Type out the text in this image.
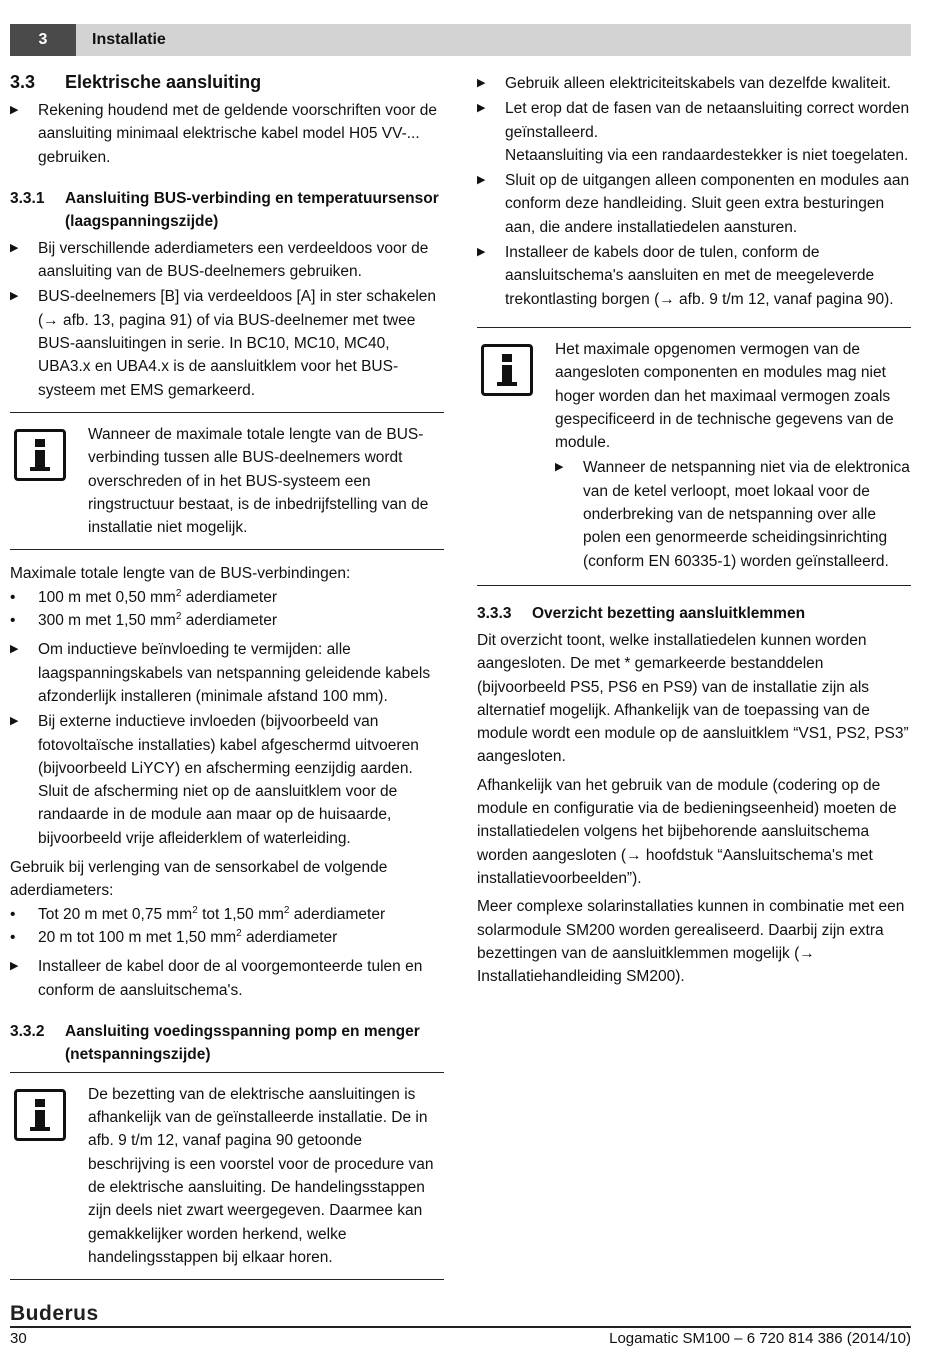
3	Installatie
3.3	Elektrische aansluiting
▶	Rekening houdend met de geldende voorschriften voor de aansluiting minimaal elektrische kabel model H05 VV-... gebruiken.
3.3.1	Aansluiting BUS-verbinding en temperatuursensor (laagspanningszijde)
▶	Bij verschillende aderdiameters een verdeeldoos voor de aansluiting van de BUS-deelnemers gebruiken.
▶	BUS-deelnemers [B] via verdeeldoos [A] in ster schakelen (→ afb. 13, pagina 91) of via BUS-deelnemer met twee BUS-aansluitingen in serie. In BC10, MC10, MC40, UBA3.x en UBA4.x is de aansluitklem voor het BUS-systeem met EMS gemarkeerd.
Wanneer de maximale totale lengte van de BUS-verbinding tussen alle BUS-deelnemers wordt overschreden of in het BUS-systeem een ringstructuur bestaat, is de inbedrijfstelling van de installatie niet mogelijk.
Maximale totale lengte van de BUS-verbindingen:
•	100 m met 0,50 $mm^2$ aderdiameter
•	300 m met 1,50 $mm^2$ aderdiameter
▶	Om inductieve beïnvloeding te vermijden: alle laagspanningskabels van netspanning geleidende kabels afzonderlijk installeren (minimale afstand 100 mm).
▶	Bij externe inductieve invloeden (bijvoorbeeld van fotovoltaïsche installaties) kabel afgeschermd uitvoeren (bijvoorbeeld LiYCY) en afscherming eenzijdig aarden. Sluit de afscherming niet op de aansluitklem voor de randaarde in de module aan maar op de huisaarde, bijvoorbeeld vrije afleiderklem of waterleiding.
Gebruik bij verlenging van de sensorkabel de volgende aderdiameters:
•	Tot 20 m met 0,75 $mm^2$ tot 1,50 $mm^2$ aderdiameter
•	20 m tot 100 m met 1,50 $mm^2$ aderdiameter
▶	Installeer de kabel door de al voorgemonteerde tulen en conform de aansluitschema's.
3.3.2	Aansluiting voedingsspanning pomp en menger (netspanningszijde)
De bezetting van de elektrische aansluitingen is afhankelijk van de geïnstalleerde installatie. De in afb. 9 t/m 12, vanaf pagina 90 getoonde beschrijving is een voorstel voor de procedure van de elektrische aansluiting. De handelingsstappen zijn deels niet zwart weergegeven. Daarmee kan gemakkelijker worden herkend, welke handelingsstappen bij elkaar horen.
▶	Gebruik alleen elektriciteitskabels van dezelfde kwaliteit.
▶	Let erop dat de fasen van de netaansluiting correct worden geïnstalleerd.
Netaansluiting via een randaardestekker is niet toegelaten.
▶	Sluit op de uitgangen alleen componenten en modules aan conform deze handleiding. Sluit geen extra besturingen aan, die andere installatiedelen aansturen.
▶	Installeer de kabels door de tulen, conform de aansluitschema's aansluiten en met de meegeleverde trekontlasting borgen (→ afb. 9 t/m 12, vanaf pagina 90).
Het maximale opgenomen vermogen van de aangesloten componenten en modules mag niet hoger worden dan het maximaal vermogen zoals gespecificeerd in de technische gegevens van de module.
▶	Wanneer de netspanning niet via de elektronica van de ketel verloopt, moet lokaal voor de onderbreking van de netspanning over alle polen een genormeerde scheidingsinrichting (conform EN 60335-1) worden geïnstalleerd.
3.3.3	Overzicht bezetting aansluitklemmen
Dit overzicht toont, welke installatiedelen kunnen worden aangesloten. De met * gemarkeerde bestanddelen (bijvoorbeeld PS5, PS6 en PS9) van de installatie zijn als alternatief mogelijk. Afhankelijk van de toepassing van de module wordt een module op de aansluitklem “VS1, PS2, PS3” aangesloten.
Afhankelijk van het gebruik van de module (codering op de module en configuratie via de bedieningseenheid) moeten de installatiedelen volgens het bijbehorende aansluitschema worden aangesloten (→ hoofdstuk “Aansluitschema's met installatievoorbeelden”).
Meer complexe solarinstallaties kunnen in combinatie met een solarmodule SM200 worden gerealiseerd. Daarbij zijn extra bezettingen van de aansluitklemmen mogelijk (→ Installatiehandleiding SM200).
Buderus
30	Logamatic SM100 – 6 720 814 386 (2014/10)
